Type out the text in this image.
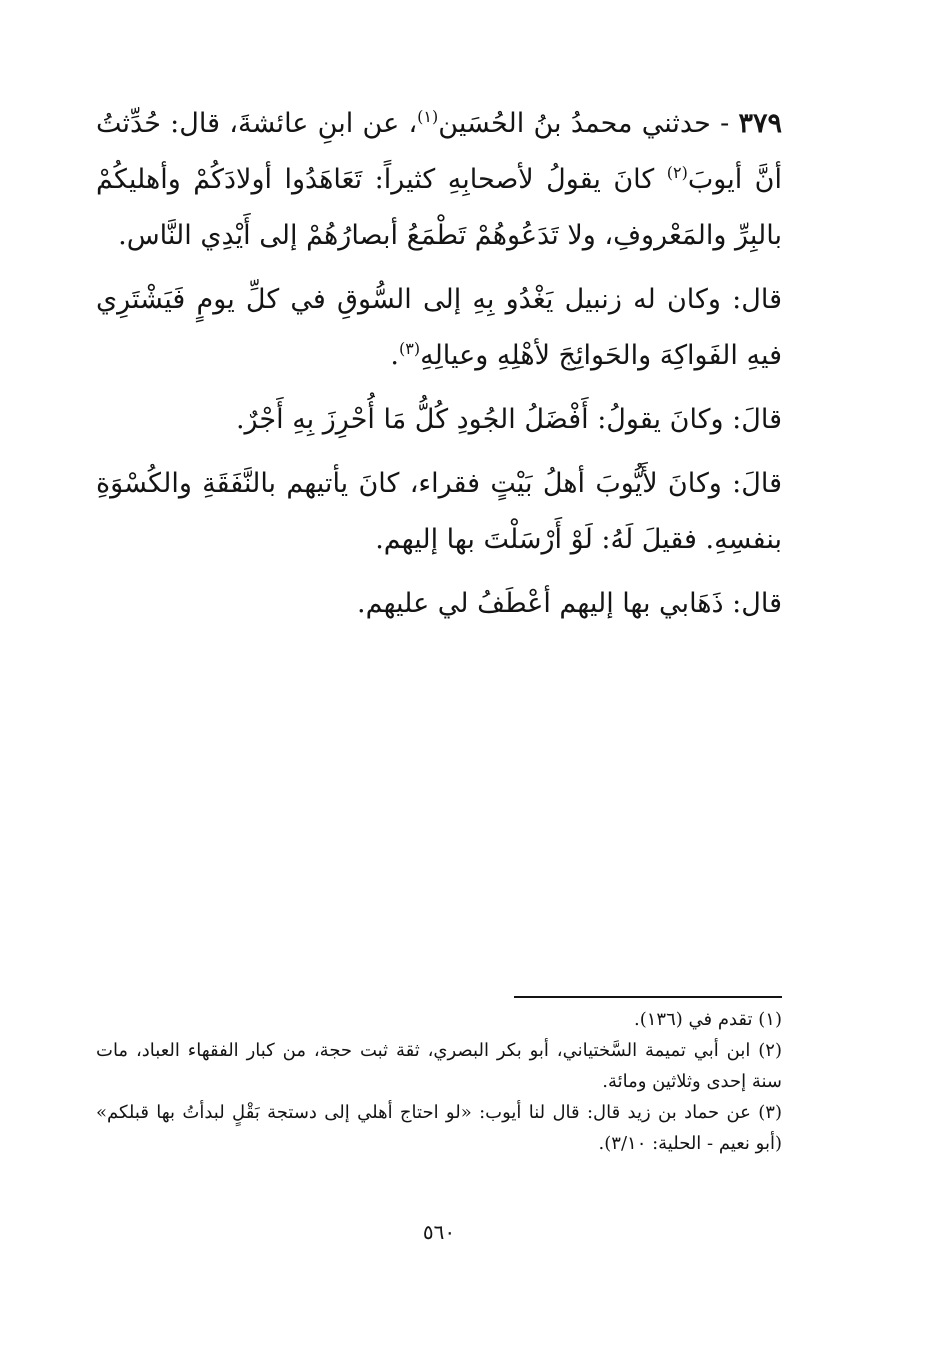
٣٧٩ - حدثني محمدُ بنُ الحُسَين$^{(١)}$، عن ابنِ عائشةَ، قال: حُدِّثتُ أنَّ أيوبَ$^{(٢)}$ كانَ يقولُ لأصحابِهِ كثيراً: تَعَاهَدُوا أولادَكُمْ وأهليكُمْ بالبِرِّ والمَعْروفِ، ولا تَدَعُوهُمْ تَطْمَعُ أبصارُهُمْ إلى أَيْدِي النَّاس.

قال: وكان له زنبيل يَغْدُو بِهِ إلى السُّوقِ في كلِّ يومٍ فَيَشْتَرِي فيهِ الفَواكِهَ والحَوائِجَ لأهْلِهِ وعيالِهِ$^{(٣)}$.

قالَ: وكانَ يقولُ: أَفْضَلُ الجُودِ كُلُّ مَا أُحْرِزَ بِهِ أَجْرٌ.

قالَ: وكانَ لأَيُّوبَ أهلُ بَيْتٍ فقراء، كانَ يأتيهم بالنَّفَقَةِ والكُسْوَةِ بنفسِهِ. فقيلَ لَهُ: لَوْ أَرْسَلْتَ بها إليهم.

قال: ذَهَابي بها إليهم أعْطَفُ لي عليهم.

(١) تقدم في (١٣٦).

(٢) ابن أبي تميمة السَّختياني، أبو بكر البصري، ثقة ثبت حجة، من كبار الفقهاء العباد، مات سنة إحدى وثلاثين ومائة.

(٣) عن حماد بن زيد قال: قال لنا أيوب: «لو احتاج أهلي إلى دستجة بَقْلٍ لبدأتُ بها قبلكم» (أبو نعيم - الحلية: ٣/١٠).

٥٦٠
